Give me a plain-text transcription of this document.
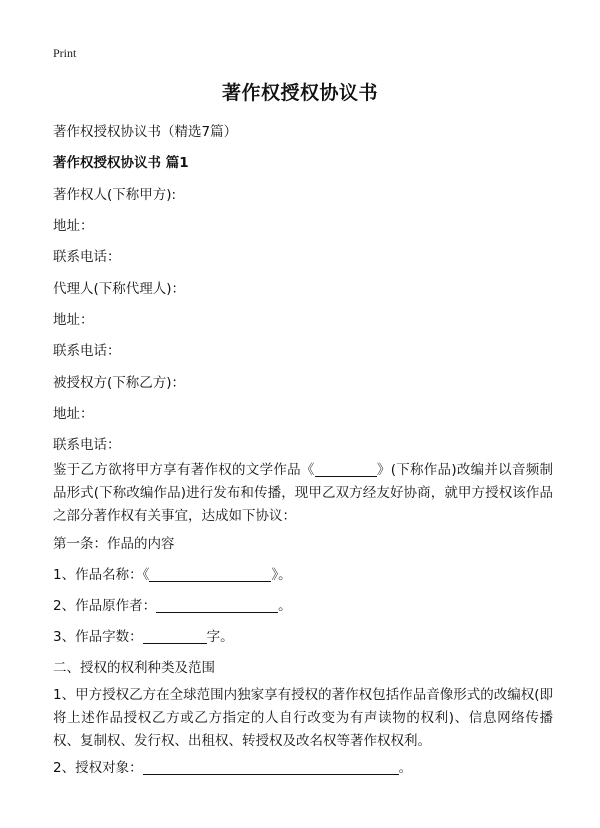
Print
著作权授权协议书
著作权授权协议书（精选7篇）
著作权授权协议书 篇1
著作权人(下称甲方):
地址：
联系电话：
代理人(下称代理人)：
地址：
联系电话：
被授权方(下称乙方)：
地址：
联系电话：
鉴于乙方欲将甲方享有著作权的文学作品《	》(下称作品)改编并以音频制品形式(下称改编作品)进行发布和传播，现甲乙双方经友好协商，就甲方授权该作品之部分著作权有关事宜，达成如下协议：
第一条：作品的内容
1、作品名称：《	》。
2、作品原作者：	。
3、作品字数：	字。
二、授权的权利种类及范围
1、甲方授权乙方在全球范围内独家享有授权的著作权包括作品音像形式的改编权(即将上述作品授权乙方或乙方指定的人自行改变为有声读物的权利)、信息网络传播权、复制权、发行权、出租权、转授权及改名权等著作权权利。
2、授权对象：	。
